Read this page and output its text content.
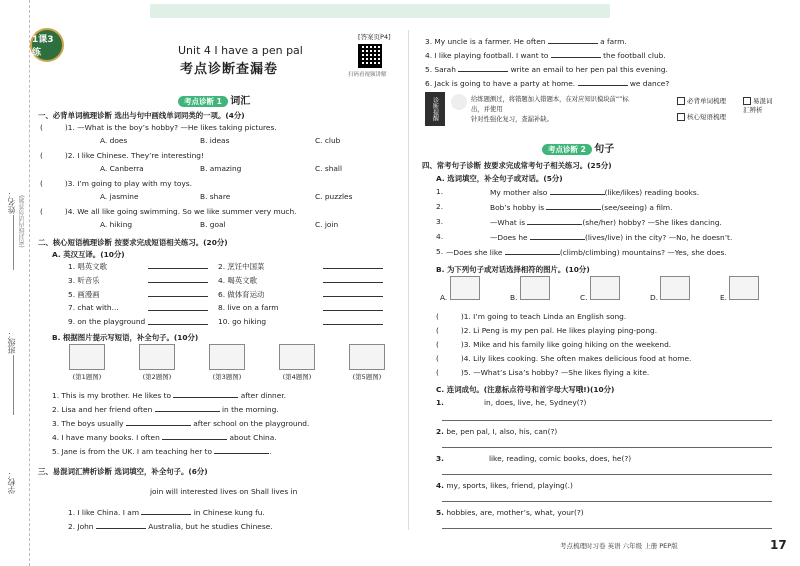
姓名：
班级：
学校：
(密封线内请勿答题)
1课3练	Unit 4 I have a pen pal
考点诊断查漏卷
[答案页P4]
扫码看视频讲解
考点诊断 1 词汇
一、必背单词梳理诊断 选出与句中画线单词同类的一项。(4分)
(	)1. —What is the boy’s hobby? —He likes taking pictures.
A. does	B. ideas	C. club
(	)2. I like Chinese. They’re interesting!
A. Canberra	B. amazing	C. shall
(	)3. I’m going to play with my toys.
A. jasmine	B. share	C. puzzles
(	)4. We all like going swimming. So we like summer very much.
A. hiking	B. goal	C. join
二、核心短语梳理诊断 按要求完成短语相关练习。(20分)
A. 英汉互译。(10分)
1. 唱英文歌	2. 烹饪中国菜
3. 听音乐	4. 喝英文歌
5. 画漫画	6. 做体育运动
7. chat with...	8. live on a farm
9. on the playground	10. go hiking
B. 根据图片提示写短语，补全句子。(10分)
(第1题图)	(第2题图)	(第3题图)	(第4题图)	(第5题图)
1. This is my brother. He likes to	after dinner.
2. Lisa and her friend often	in the morning.
3. The boys usually	after school on the playground.
4. I have many books. I often	about China.
5. Jane is from the UK. I am teaching her to	.
三、易混词汇辨析诊断 选词填空，补全句子。(6分)
join will interested lives on Shall lives in
1. I like China. I am	in Chinese kung fu.
2. John	Australia, but he studies Chinese.
3. My uncle is a farmer. He often	a farm.
4. I like playing football. I want to	the football club.
5. Sarah	write an email to her pen pal this evening.
6. Jack is going to have a party at home.	we dance?
诊断提醒	给练题测过，将错题加入错题本，在对应知识模块前“”标
出，并使用
针对性强化复习，查漏补缺。
必背单词梳理
核心短语梳理
易混词汇辨析
考点诊断 2 句子
四、常考句子诊断 按要求完成常考句子相关练习。(25分)
A. 选词填空，补全句子或对话。(5分)
1.	My mother also	(like/likes) reading books.
2.	Bob’s hobby is	(see/seeing) a film.
3.	—What is	(she/her) hobby? —She likes dancing.
4.	—Does he	(lives/live) in the city? —No, he doesn’t.
5. —Does she like	(climb/climbing) mountains? —Yes, she does.
B. 为下列句子或对话选择相符的图片。(10分)
A.	B.	C.	D.	E.
(	)1. I’m going to teach Linda an English song.
(	)2. Li Peng is my pen pal. He likes playing ping-pong.
(	)3. Mike and his family like going hiking on the weekend.
(	)4. Lily likes cooking. She often makes delicious food at home.
(	)5. —What’s Lisa’s hobby? —She likes flying a kite.
C. 连词成句。(注意标点符号和首字母大写哦!)(10分)
1.	in, does, live, he, Sydney(?)
2. be, pen pal, I, also, his, can(?)
3.	like, reading, comic books, does, he(?)
4. my, sports, likes, friend, playing(.)
5. hobbies, are, mother’s, what, your(?)
考点梳理时习卷 英语 六年级 上册 PEP版	17
